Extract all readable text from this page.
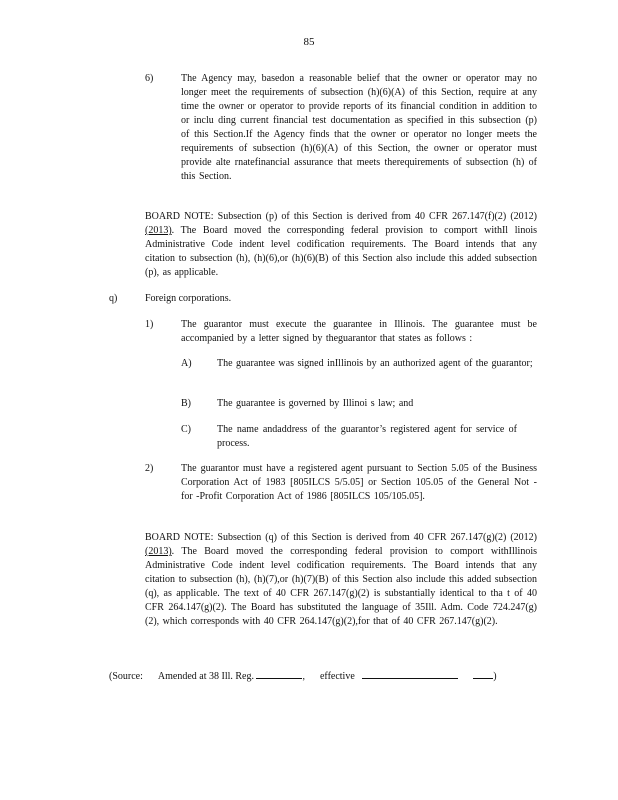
85
6)	The Agency may, basedon a reasonable belief that the owner or operator may no longer meet the requirements of subsection (h)(6)(A) of this Section, require at any time the owner or operator to provide reports of its financial condition in addition to or inclu ding current financial test documentation as specified in this subsection (p) of this Section.If the Agency finds that the owner or operator no longer meets the requirements of subsection (h)(6)(A) of this Section, the owner or operator must provide alte rnatefinancial assurance that meets therequirements of subsection (h) of this Section.
BOARD NOTE: Subsection (p) of this Section is derived from 40 CFR 267.147(f)(2) (2012) (2013). The Board moved the corresponding federal provision to comport withIl linois Administrative Code indent level codification requirements. The Board intends that any citation to subsection (h), (h)(6),or (h)(6)(B) of this Section also include this added subsection (p), as applicable.
q)	Foreign corporations.
1)	The guarantor must execute the guarantee in Illinois. The guarantee must be accompanied by a letter signed by theguarantor that states as follows :
A)	The guarantee was signed inIllinois by an authorized agent of the guarantor;
B)	The guarantee is governed by Illinoi s law; and
C)	The name andaddress of the guarantor’s registered agent for service of process.
2)	The guarantor must have a registered agent pursuant to Section 5.05 of the Business Corporation Act of 1983 [805ILCS 5/5.05] or Section 105.05 of the General Not - for -Profit Corporation Act of 1986 [805ILCS 105/105.05].
BOARD NOTE: Subsection (q) of this Section is derived from 40 CFR 267.147(g)(2) (2012) (2013). The Board moved the corresponding federal provision to comport withIllinois Administrative Code indent level codification requirements. The Board intends that any citation to subsection (h), (h)(7),or (h)(7)(B) of this Section also include this added subsection (q), as applicable. The text of 40 CFR 267.147(g)(2) is substantially identical to tha t of 40 CFR 264.147(g)(2). The Board has substituted the language of 35Ill. Adm. Code 724.247(g)(2), which corresponds with 40 CFR 264.147(g)(2),for that of 40 CFR 267.147(g)(2).
(Source: Amended at 38 Ill. Reg.	, effective	)
